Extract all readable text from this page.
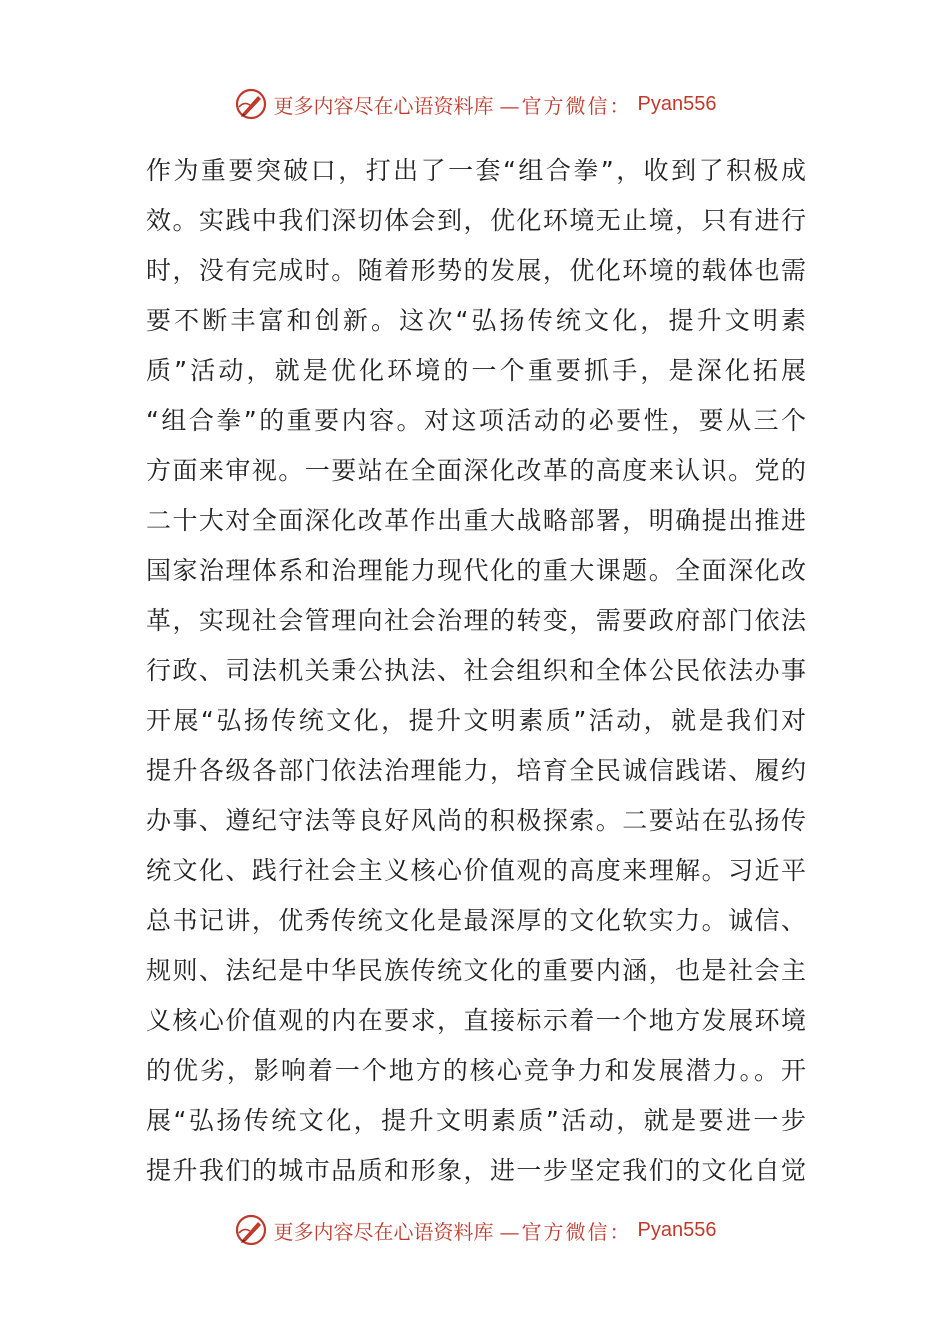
更多内容尽在心语资料库 —官方微信： Pyan556
作为重要突破口，打出了一套“组合拳”，收到了积极成
效。实践中我们深切体会到，优化环境无止境，只有进行
时，没有完成时。随着形势的发展，优化环境的载体也需
要不断丰富和创新。这次“弘扬传统文化，提升文明素
质”活动，就是优化环境的一个重要抓手，是深化拓展
“组合拳”的重要内容。对这项活动的必要性，要从三个
方面来审视。一要站在全面深化改革的高度来认识。党的
二十大对全面深化改革作出重大战略部署，明确提出推进
国家治理体系和治理能力现代化的重大课题。全面深化改
革，实现社会管理向社会治理的转变，需要政府部门依法
行政、司法机关秉公执法、社会组织和全体公民依法办事
开展“弘扬传统文化，提升文明素质”活动，就是我们对
提升各级各部门依法治理能力，培育全民诚信践诺、履约
办事、遵纪守法等良好风尚的积极探索。二要站在弘扬传
统文化、践行社会主义核心价值观的高度来理解。习近平
总书记讲，优秀传统文化是最深厚的文化软实力。诚信、
规则、法纪是中华民族传统文化的重要内涵，也是社会主
义核心价值观的内在要求，直接标示着一个地方发展环境
的优劣，影响着一个地方的核心竞争力和发展潜力。。开
展“弘扬传统文化，提升文明素质”活动，就是要进一步
提升我们的城市品质和形象，进一步坚定我们的文化自觉
更多内容尽在心语资料库 —官方微信： Pyan556
